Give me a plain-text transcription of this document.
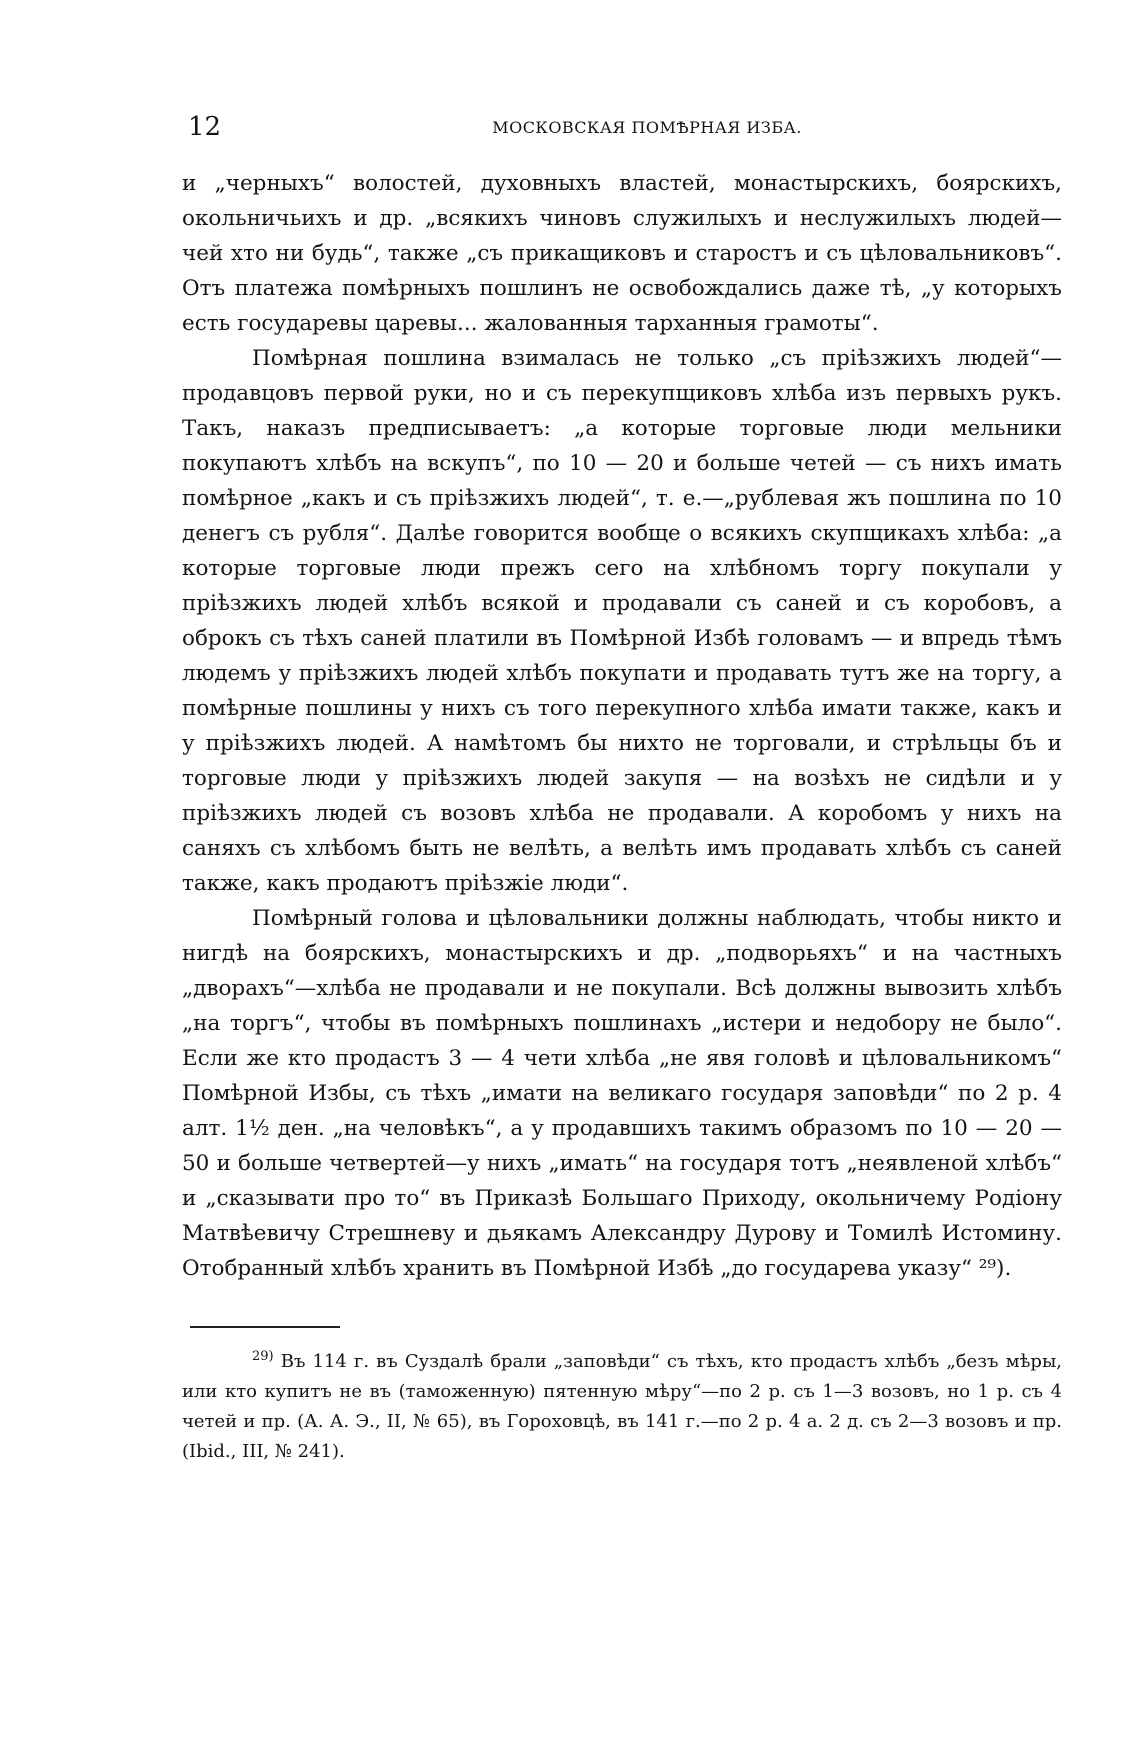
12	МОСКОВСКАЯ ПОМѢРНАЯ ИЗБА.

и „черныхъ“ волостей, духовныхъ властей, монастырскихъ, боярскихъ, окольничьихъ и др. „всякихъ чиновъ служилыхъ и неслужилыхъ людей—чей хто ни будь“, также „съ прикащиковъ и старостъ и съ цѣловальниковъ“. Отъ платежа помѣрныхъ пошлинъ не освобождались даже тѣ, „у которыхъ есть государевы царевы... жалованныя тарханныя грамоты“.

Помѣрная пошлина взималась не только „съ прiѣзжихъ людей“— продавцовъ первой руки, но и съ перекупщиковъ хлѣба изъ первыхъ рукъ. Такъ, наказъ предписываетъ: „а которые торговые люди мельники покупаютъ хлѣбъ на вскупъ“, по 10 — 20 и больше четей — съ нихъ имать помѣрное „какъ и съ прiѣзжихъ людей“, т. е.—„рублевая жъ пошлина по 10 денегъ съ рубля“. Далѣе говорится вообще о всякихъ скупщикахъ хлѣба: „а которые торговые люди прежъ сего на хлѣбномъ торгу покупали у прiѣзжихъ людей хлѣбъ всякой и продавали съ саней и съ коробовъ, а оброкъ съ тѣхъ саней платили въ Помѣрной Избѣ головамъ — и впредь тѣмъ людемъ у прiѣзжихъ людей хлѣбъ покупати и продавать тутъ же на торгу, а помѣрные пошлины у нихъ съ того перекупного хлѣба имати также, какъ и у прiѣзжихъ людей. А намѣтомъ бы нихто не торговали, и стрѣльцы бъ и торговые люди у прiѣзжихъ людей закупя — на возѣхъ не сидѣли и у прiѣзжихъ людей съ возовъ хлѣба не продавали. А коробомъ у нихъ на саняхъ съ хлѣбомъ быть не велѣть, а велѣть имъ продавать хлѣбъ съ саней также, какъ продаютъ прiѣзжiе люди“.

Помѣрный голова и цѣловальники должны наблюдать, чтобы никто и нигдѣ на боярскихъ, монастырскихъ и др. „подворьяхъ“ и на частныхъ „дворахъ“—хлѣба не продавали и не покупали. Всѣ должны вывозить хлѣбъ „на торгъ“, чтобы въ помѣрныхъ пошлинахъ „истери и недобору не было“. Если же кто продастъ 3 — 4 чети хлѣба „не явя головѣ и цѣловальникомъ“ Помѣрной Избы, съ тѣхъ „имати на великаго государя заповѣди“ по 2 р. 4 алт. 1½ ден. „на человѣкъ“, а у продавшихъ такимъ образомъ по 10 — 20 — 50 и больше четвертей—у нихъ „имать“ на государя тотъ „неявленой хлѣбъ“ и „сказывати про то“ въ Приказѣ Большаго Приходу, окольничему Родiону Матвѣевичу Стрешневу и дьякамъ Александру Дурову и Томилѣ Истомину. Отобранный хлѣбъ хранить въ Помѣрной Избѣ „до государева указу“ ²⁹).

$^{29)}$ Въ 114 г. въ Суздалѣ брали „заповѣди“ съ тѣхъ, кто продастъ хлѣбъ „безъ мѣры, или кто купитъ не въ (таможенную) пятенную мѣру“—по 2 р. съ 1—3 возовъ, но 1 р. съ 4 четей и пр. (А. А. Э., II, № 65), въ Гороховцѣ, въ 141 г.—по 2 р. 4 а. 2 д. съ 2—3 возовъ и пр. (Ibid., III, № 241).
